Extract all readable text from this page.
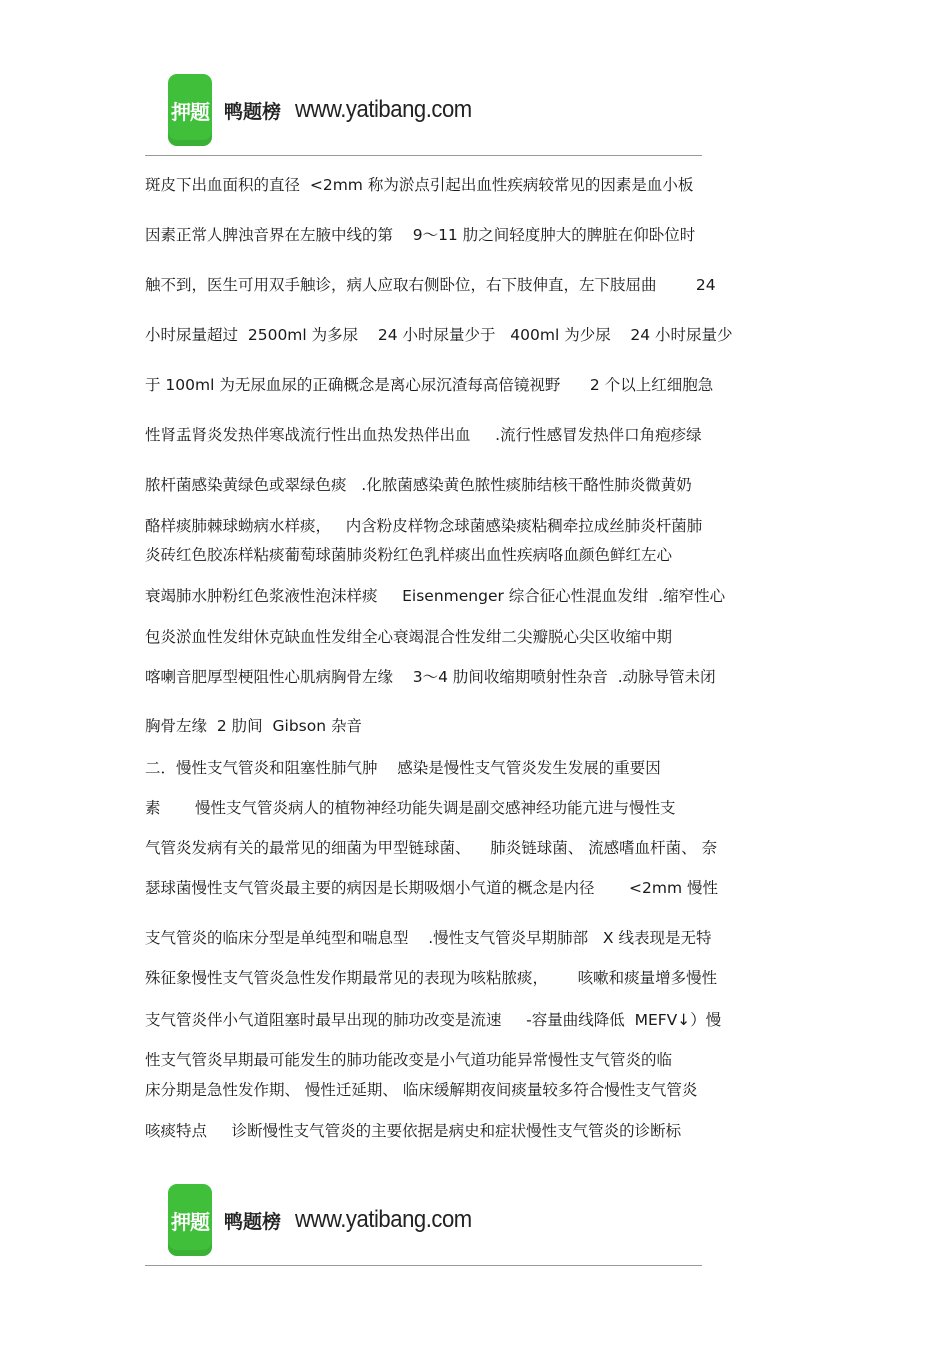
押题 鸭题榜 www.yatibang.com
斑皮下出血面积的直径  <2mm 称为淤点引起出血性疾病较常见的因素是血小板
因素正常人脾浊音界在左腋中线的第    9～11 肋之间轻度肿大的脾脏在仰卧位时
触不到，医生可用双手触诊，病人应取右侧卧位，右下肢伸直，左下肢屈曲        24
小时尿量超过  2500ml 为多尿    24 小时尿量少于   400ml 为少尿    24 小时尿量少
于 100ml 为无尿血尿的正确概念是离心尿沉渣每高倍镜视野      2 个以上红细胞急
性肾盂肾炎发热伴寒战流行性出血热发热伴出血     .流行性感冒发热伴口角疱疹绿
脓杆菌感染黄绿色或翠绿色痰   .化脓菌感染黄色脓性痰肺结核干酪性肺炎微黄奶
酪样痰肺棘球蚴病水样痰，   内含粉皮样物念球菌感染痰粘稠牵拉成丝肺炎杆菌肺
炎砖红色胶冻样粘痰葡萄球菌肺炎粉红色乳样痰出血性疾病咯血颜色鲜红左心
衰竭肺水肿粉红色浆液性泡沫样痰     Eisenmenger 综合征心性混血发绀  .缩窄性心
包炎淤血性发绀休克缺血性发绀全心衰竭混合性发绀二尖瓣脱心尖区收缩中期
喀喇音肥厚型梗阻性心肌病胸骨左缘    3～4 肋间收缩期喷射性杂音  .动脉导管未闭
胸骨左缘  2 肋间  Gibson 杂音
二．慢性支气管炎和阻塞性肺气肿    感染是慢性支气管炎发生发展的重要因
素       慢性支气管炎病人的植物神经功能失调是副交感神经功能亢进与慢性支
气管炎发病有关的最常见的细菌为甲型链球菌、    肺炎链球菌、 流感嗜血杆菌、 奈
瑟球菌慢性支气管炎最主要的病因是长期吸烟小气道的概念是内径       <2mm 慢性
支气管炎的临床分型是单纯型和喘息型    .慢性支气管炎早期肺部   X 线表现是无特
殊征象慢性支气管炎急性发作期最常见的表现为咳粘脓痰，      咳嗽和痰量增多慢性
支气管炎伴小气道阻塞时最早出现的肺功改变是流速     -容量曲线降低  MEFV↓）慢
性支气管炎早期最可能发生的肺功能改变是小气道功能异常慢性支气管炎的临
床分期是急性发作期、 慢性迁延期、 临床缓解期夜间痰量较多符合慢性支气管炎
咳痰特点     诊断慢性支气管炎的主要依据是病史和症状慢性支气管炎的诊断标
押题 鸭题榜 www.yatibang.com
